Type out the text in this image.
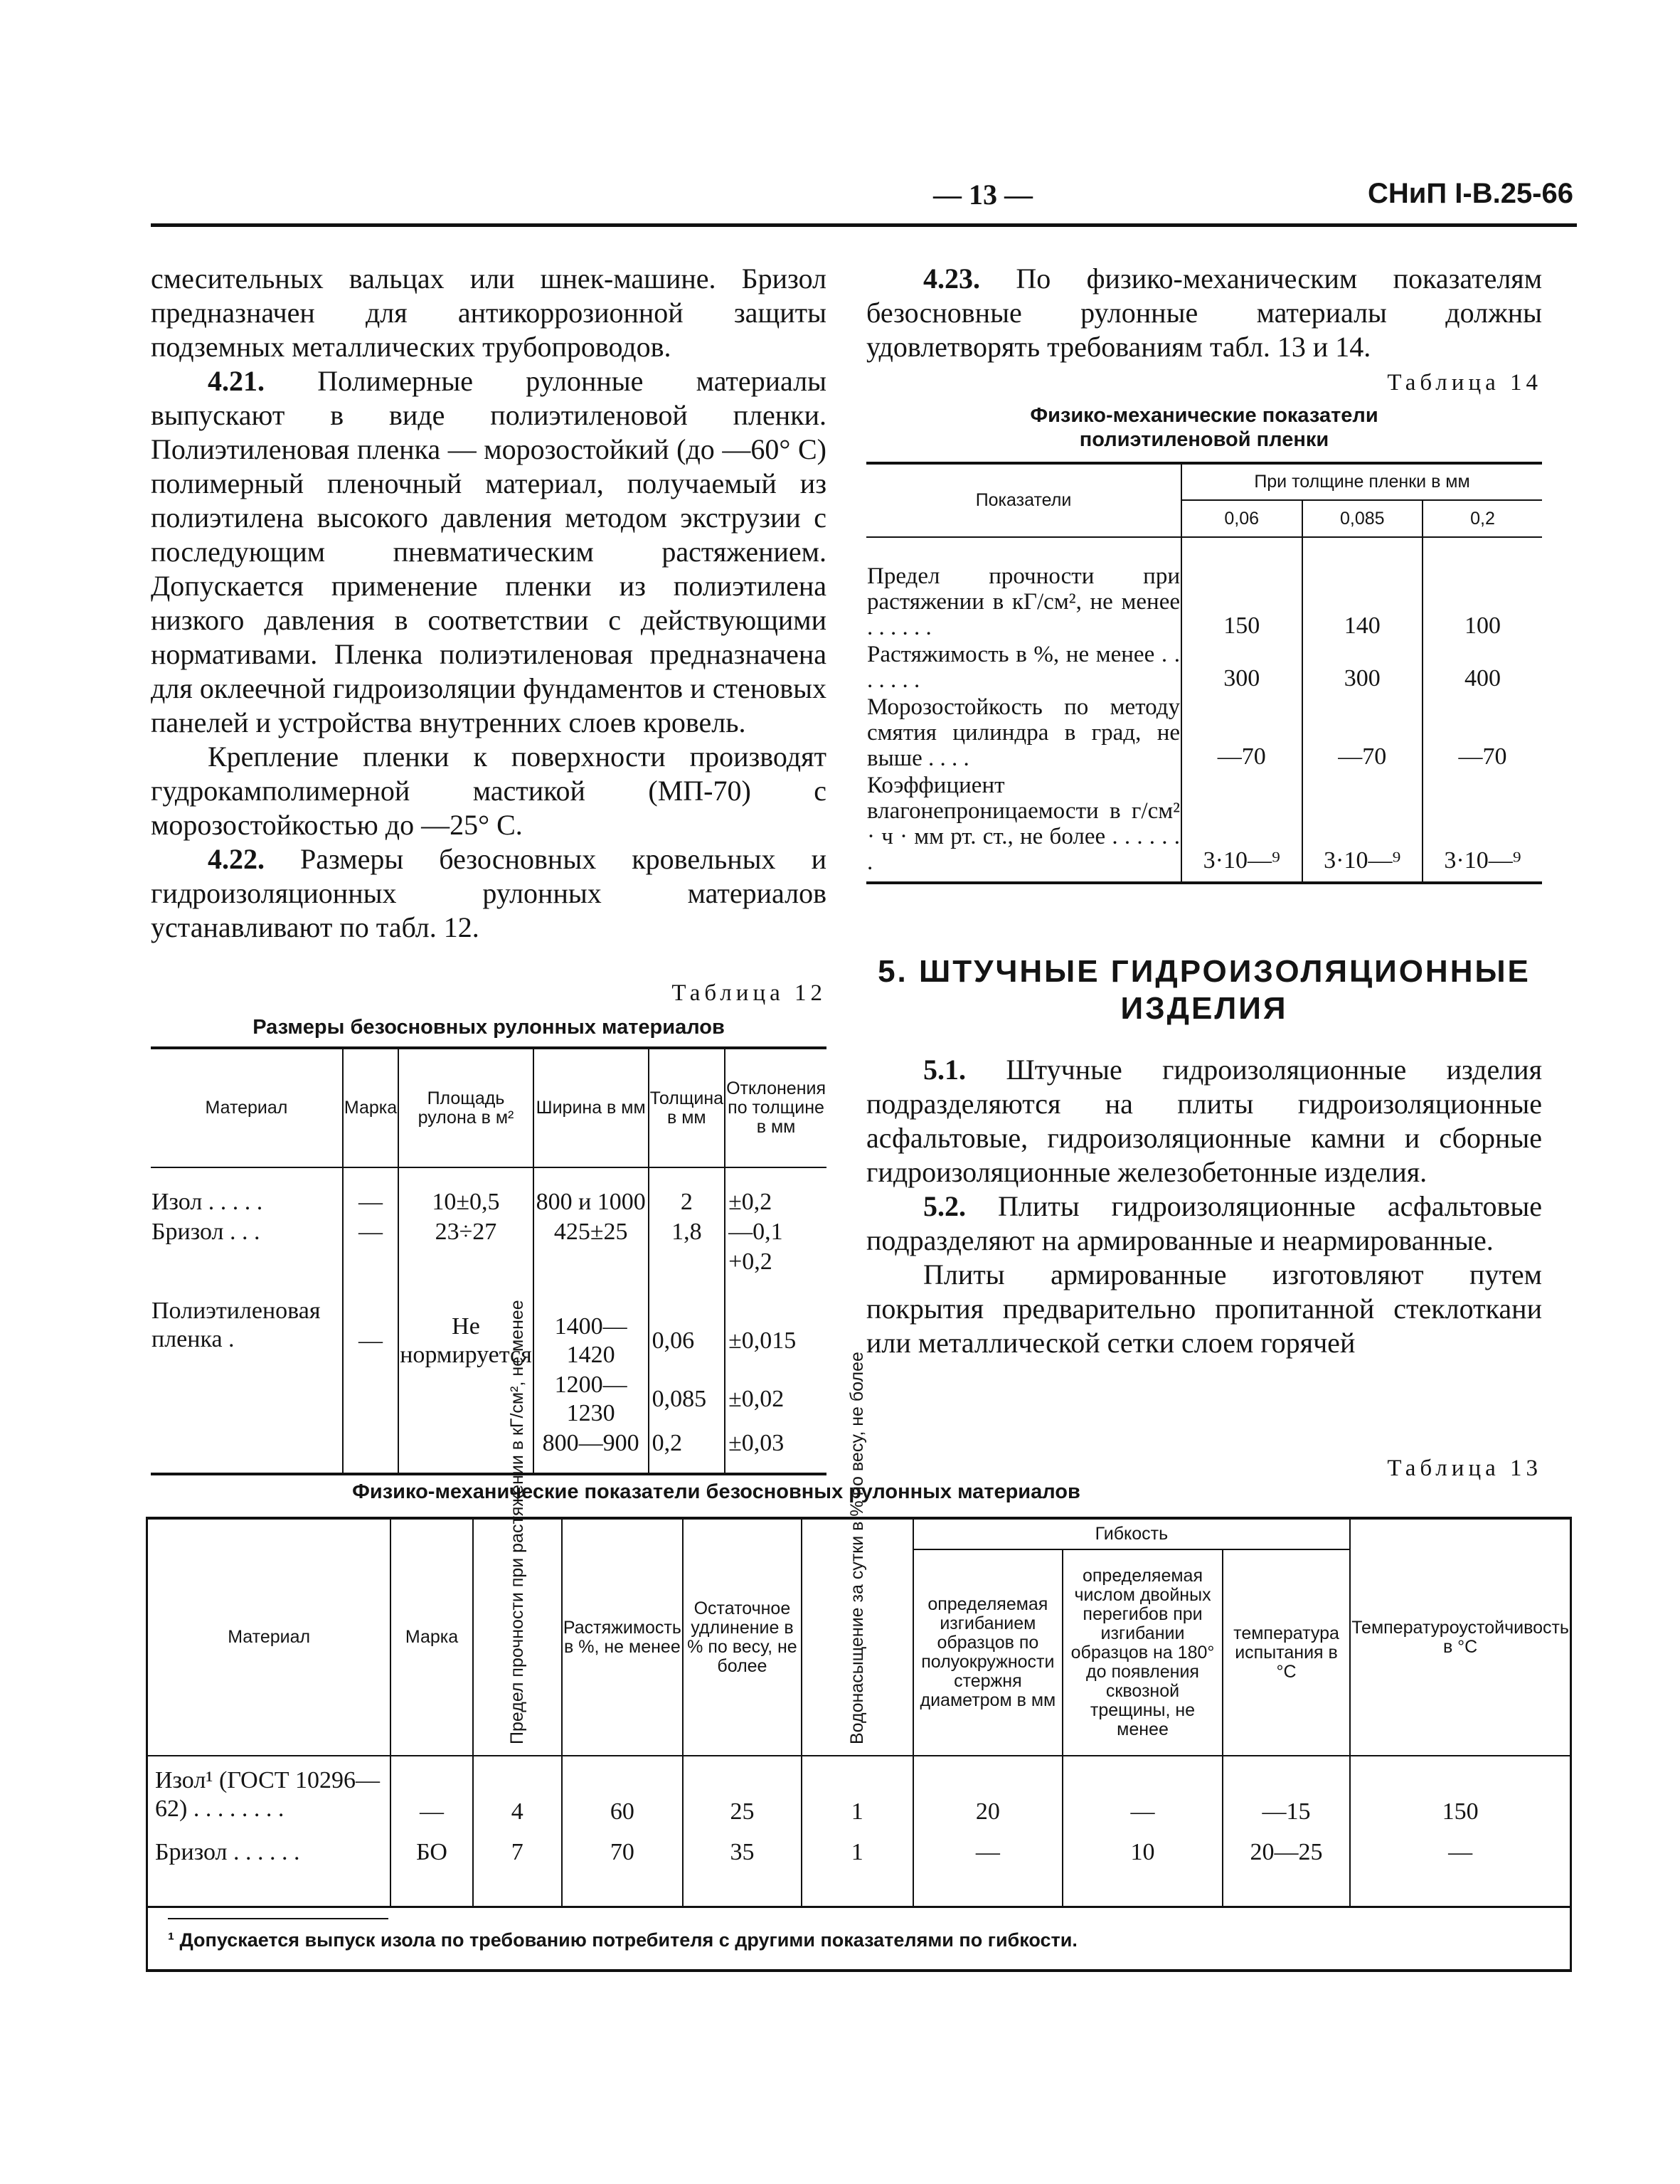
— 13 —	СНиП I-В.25-66

смесительных вальцах или шнек-машине. Бризол предназначен для антикоррозионной защиты подземных металлических трубопроводов.

4.21. Полимерные рулонные материалы выпускают в виде полиэтиленовой пленки. Полиэтиленовая пленка — морозостойкий (до —60° С) полимерный пленочный материал, получаемый из полиэтилена высокого давления методом экструзии с последующим пневматическим растяжением. Допускается применение пленки из полиэтилена низкого давления в соответствии с действующими нормативами. Пленка полиэтиленовая предназначена для оклеечной гидроизоляции фундаментов и стеновых панелей и устройства внутренних слоев кровель.

Крепление пленки к поверхности производят гудрокамполимерной мастикой (МП-70) с морозостойкостью до —25° С.

4.22. Размеры безосновных кровельных и гидроизоляционных рулонных материалов устанавливают по табл. 12.

Таблица 12
Размеры безосновных рулонных материалов
Материал	Марка	Площадь рулона в м²	Ширина в мм	Толщина в мм	Отклонения по толщине в мм

Изол . . . . .	—	10±0,5	800 и 1000	2	±0,2
Бризол . . .	—	23÷27	425±25	1,8	—0,1
					+0,2
Полиэтиленовая пленка .	—	Не нормируется	1400—1420	0,06	±0,015
			1200—1230	0,085	±0,02
			800—900	0,2	±0,03

4.23. По физико-механическим показателям безосновные рулонные материалы должны удовлетворять требованиям табл. 13 и 14.

Таблица 14
Физико-механические показатели полиэтиленовой пленки
Показатели	При толщине пленки в мм		
	0,06	0,085	0,2

Предел прочности при растяжении в кГ/см², не менее . . . . . .	150	140	100
Растяжимость в %, не менее . . . . . . .	300	300	400
Морозостойкость по методу смятия цилиндра в град, не выше . . . .	—70	—70	—70
Коэффициент влагонепроницаемости в г/см² · ч · мм рт. ст., не более . . . . . . .	3·10—⁹	3·10—⁹	3·10—⁹

5. ШТУЧНЫЕ ГИДРОИЗОЛЯЦИОННЫЕ ИЗДЕЛИЯ

5.1. Штучные гидроизоляционные изделия подразделяются на плиты гидроизоляционные асфальтовые, гидроизоляционные камни и сборные гидроизоляционные железобетонные изделия.

5.2. Плиты гидроизоляционные асфальтовые подразделяют на армированные и неармированные.

Плиты армированные изготовляют путем покрытия предварительно пропитанной стеклоткани или металлической сетки слоем горячей

Таблица 13
Физико-механические показатели безосновных рулонных материалов
Материал	Марка	Предел прочности при растяжении в кГ/см², не менее	Растяжимость в %, не менее	Остаточное удлинение в % по весу, не более	Водонасыщение за сутки в % по весу, не более	Гибкость			Температуроустойчивость в °C
						определяемая изгибанием образцов по полуокружности стержня диаметром в мм	определяемая числом двойных перегибов при изгибании образцов на 180° до появления сквозной трещины, не менее	температура испытания в °C	
Изол¹ (ГОСТ 10296—62) . . . . . . . .	—	4	60	25	1	20	—	—15	150
Бризол . . . . . .	БО	7	70	35	1	—	10	20—25	—

¹ Допускается выпуск изола по требованию потребителя с другими показателями по гибкости.									
